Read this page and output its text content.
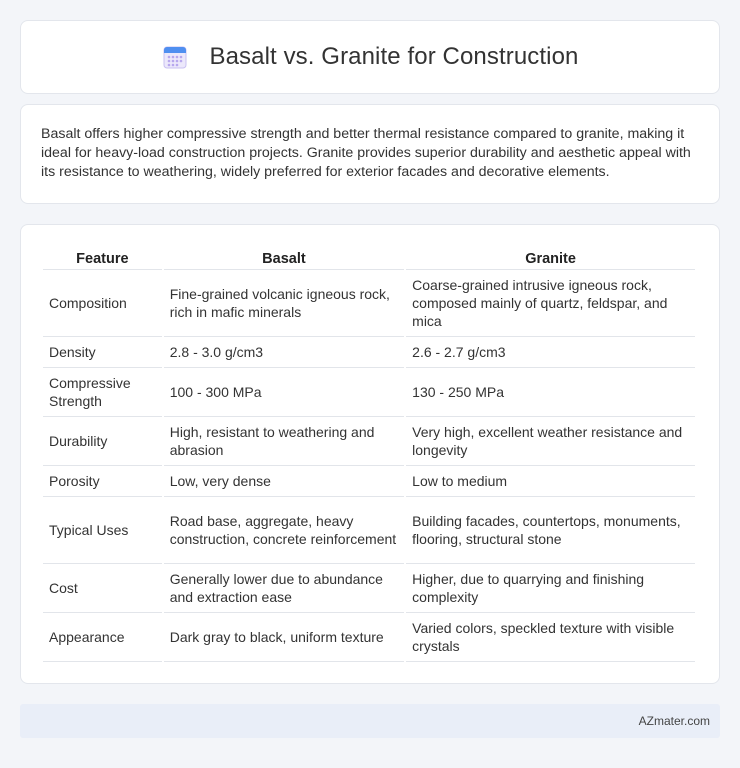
Basalt vs. Granite for Construction

Basalt offers higher compressive strength and better thermal resistance compared to granite, making it ideal for heavy-load construction projects. Granite provides superior durability and aesthetic appeal with its resistance to weathering, widely preferred for exterior facades and decorative elements.

Feature	Basalt	Granite
Composition	Fine-grained volcanic igneous rock, rich in mafic minerals	Coarse-grained intrusive igneous rock, composed mainly of quartz, feldspar, and mica
Density	2.8 - 3.0 g/cm3	2.6 - 2.7 g/cm3
Compressive Strength	100 - 300 MPa	130 - 250 MPa
Durability	High, resistant to weathering and abrasion	Very high, excellent weather resistance and longevity
Porosity	Low, very dense	Low to medium
Typical Uses	Road base, aggregate, heavy construction, concrete reinforcement	Building facades, countertops, monuments, flooring, structural stone
Cost	Generally lower due to abundance and extraction ease	Higher, due to quarrying and finishing complexity
Appearance	Dark gray to black, uniform texture	Varied colors, speckled texture with visible crystals
AZmater.com
